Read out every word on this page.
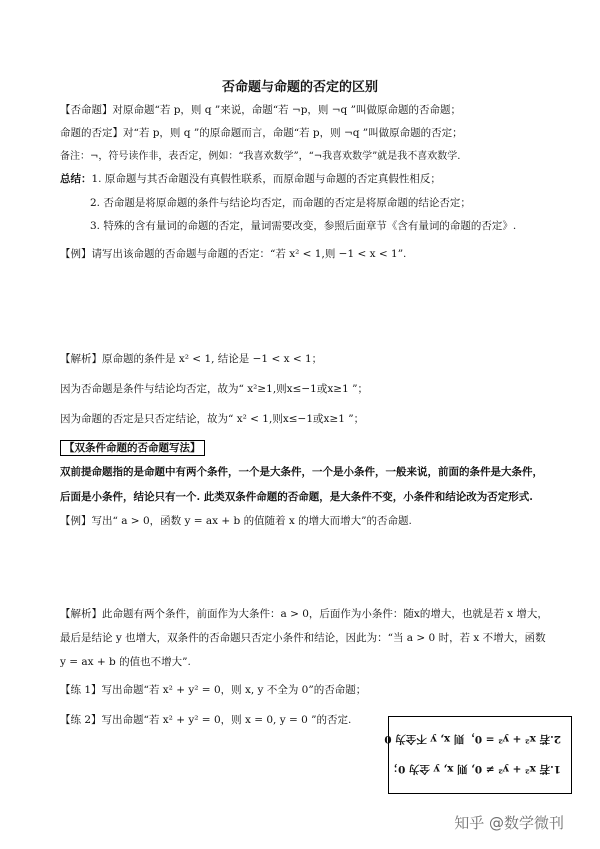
否命题与命题的否定的区别
【否命题】对原命题“若 p，则 q ”来说，命题“若 ¬p，则 ¬q ”叫做原命题的否命题；
命题的否定】对“若 p，则 q ”的原命题而言，命题“若 p，则 ¬q ”叫做原命题的否定；
备注：¬，符号读作非，表否定，例如：“我喜欢数学”，“¬我喜欢数学”就是我不喜欢数学.
总结：1. 原命题与其否命题没有真假性联系，而原命题与命题的否定真假性相反；
2. 否命题是将原命题的条件与结论均否定，而命题的否定是将原命题的结论否定；
3. 特殊的含有量词的命题的否定，量词需要改变，参照后面章节《含有量词的命题的否定》.
【例】请写出该命题的否命题与命题的否定：“若 x² < 1,则 −1 < x < 1”.
【解析】原命题的条件是 x² < 1, 结论是 −1 < x < 1；
因为否命题是条件与结论均否定，故为“ x²≥1,则x≤−1或x≥1 ”；
因为命题的否定是只否定结论，故为“ x² < 1,则x≤−1或x≥1 ”；
【双条件命题的否命题写法】
双前提命题指的是命题中有两个条件，一个是大条件，一个是小条件，一般来说，前面的条件是大条件，
后面是小条件，结论只有一个. 此类双条件命题的否命题，是大条件不变，小条件和结论改为否定形式.
【例】写出“ a > 0，函数 y = ax + b 的值随着 x 的增大而增大”的否命题.
【解析】此命题有两个条件，前面作为大条件：a > 0，后面作为小条件：随x的增大，也就是若 x 增大，
最后是结论 y 也增大，双条件的否命题只否定小条件和结论，因此为：“当 a > 0 时，若 x 不增大，函数
y = ax + b 的值也不增大”.
【练 1】写出命题“若 x² + y² = 0，则 x, y 不全为 0”的否命题；
【练 2】写出命题“若 x² + y² = 0，则 x = 0, y = 0 ”的否定.
1.若 x² + y² ≠ 0, 则 x, y 全为 0；
2.若 x² + y² = 0，则 x, y 不全为 0
知乎 @数学微刊
